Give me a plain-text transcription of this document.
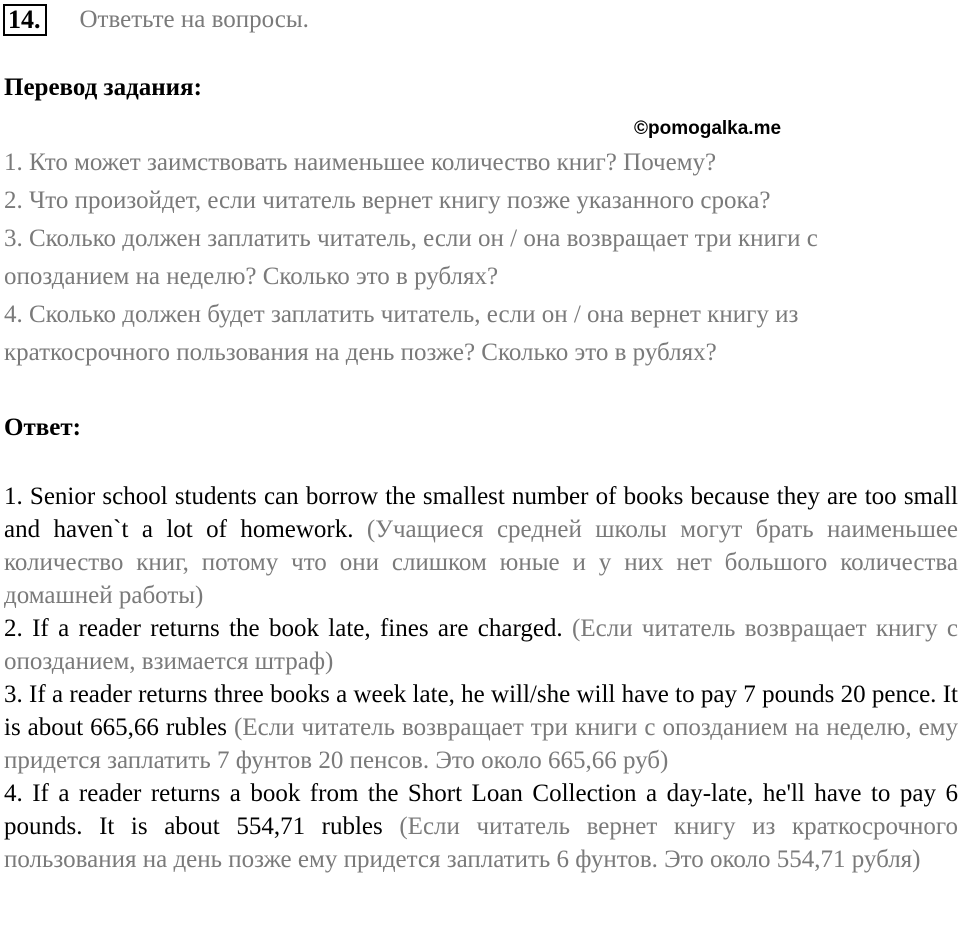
14. Ответьте на вопросы.
Перевод задания:
©pomogalka.me
1. Кто может заимствовать наименьшее количество книг? Почему?
2. Что произойдет, если читатель вернет книгу позже указанного срока?
3. Сколько должен заплатить читатель, если он / она возвращает три книги с
опозданием на неделю? Сколько это в рублях?
4. Сколько должен будет заплатить читатель, если он / она вернет книгу из
краткосрочного пользования на день позже? Сколько это в рублях?
Ответ:

1. Senior school students can borrow the smallest number of books because they are too small and haven`t a lot of homework. (Учащиеся средней школы могут брать наименьшее количество книг, потому что они слишком юные и у них нет большого количества домашней работы)

2. If a reader returns the book late, fines are charged. (Если читатель возвращает книгу с опозданием, взимается штраф)

3. If a reader returns three books a week late, he will/she will have to pay 7 pounds 20 pence. It is about 665,66 rubles (Если читатель возвращает три книги с опозданием на неделю, ему придется заплатить 7 фунтов 20 пенсов. Это около 665,66 руб)

4. If a reader returns a book from the Short Loan Collection a day-late, he'll have to pay 6 pounds. It is about 554,71 rubles (Если читатель вернет книгу из краткосрочного пользования на день позже ему придется заплатить 6 фунтов. Это около 554,71 рубля)
